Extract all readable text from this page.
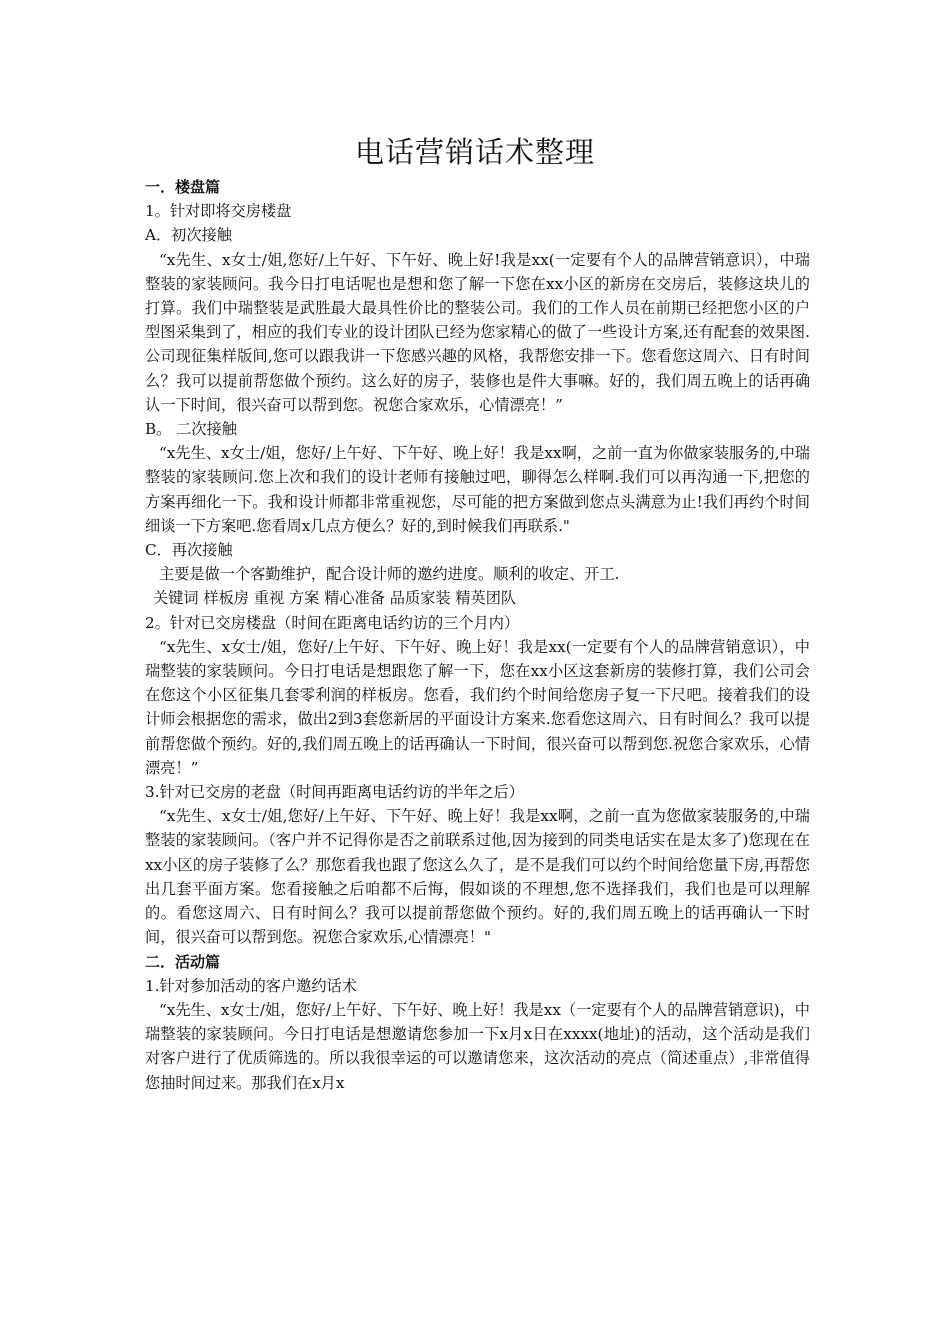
电话营销话术整理

一．楼盘篇

1。针对即将交房楼盘

A．初次接触

“x先生、x女士/姐,您好/上午好、下午好、晚上好!我是xx(一定要有个人的品牌营销意识），中瑞整装的家装顾问。我今日打电话呢也是想和您了解一下您在xx小区的新房在交房后，装修这块儿的打算。我们中瑞整装是武胜最大最具性价比的整装公司。我们的工作人员在前期已经把您小区的户型图采集到了，相应的我们专业的设计团队已经为您家精心的做了一些设计方案,还有配套的效果图.公司现征集样版间,您可以跟我讲一下您感兴趣的风格，我帮您安排一下。您看您这周六、日有时间么？我可以提前帮您做个预约。这么好的房子，装修也是件大事嘛。好的，我们周五晚上的话再确认一下时间，很兴奋可以帮到您。祝您合家欢乐，心情漂亮！”

B。 二次接触

“x先生、x女士/姐，您好/上午好、下午好、晚上好！我是xx啊，之前一直为你做家装服务的,中瑞整装的家装顾问.您上次和我们的设计老师有接触过吧，聊得怎么样啊.我们可以再沟通一下,把您的方案再细化一下。我和设计师都非常重视您，尽可能的把方案做到您点头满意为止!我们再约个时间细谈一下方案吧.您看周x几点方便么？好的,到时候我们再联系."

C．再次接触

主要是做一个客勤维护，配合设计师的邀约进度。顺利的收定、开工.

关键词 样板房 重视 方案 精心准备 品质家装 精英团队

2。针对已交房楼盘（时间在距离电话约访的三个月内）

“x先生、x女士/姐，您好/上午好、下午好、晚上好！我是xx(一定要有个人的品牌营销意识），中瑞整装的家装顾问。今日打电话是想跟您了解一下，您在xx小区这套新房的装修打算，我们公司会在您这个小区征集几套零利润的样板房。您看，我们约个时间给您房子复一下尺吧。接着我们的设计师会根据您的需求，做出2到3套您新居的平面设计方案来.您看您这周六、日有时间么？我可以提前帮您做个预约。好的,我们周五晚上的话再确认一下时间，很兴奋可以帮到您.祝您合家欢乐，心情漂亮！”

3.针对已交房的老盘（时间再距离电话约访的半年之后）

“x先生、x女士/姐,您好/上午好、下午好、晚上好！我是xx啊，之前一直为您做家装服务的,中瑞整装的家装顾问。（客户并不记得你是否之前联系过他,因为接到的同类电话实在是太多了)您现在在xx小区的房子装修了么？那您看我也跟了您这么久了，是不是我们可以约个时间给您量下房,再帮您出几套平面方案。您看接触之后咱都不后悔，假如谈的不理想,您不选择我们，我们也是可以理解的。看您这周六、日有时间么？我可以提前帮您做个预约。好的,我们周五晚上的话再确认一下时间，很兴奋可以帮到您。祝您合家欢乐,心情漂亮！"

二．活动篇

1.针对参加活动的客户邀约话术

“x先生、x女士/姐，您好/上午好、下午好、晚上好！我是xx（一定要有个人的品牌营销意识)，中瑞整装的家装顾问。今日打电话是想邀请您参加一下x月x日在xxxx(地址)的活动，这个活动是我们对客户进行了优质筛选的。所以我很幸运的可以邀请您来，这次活动的亮点（简述重点）,非常值得您抽时间过来。那我们在x月x
